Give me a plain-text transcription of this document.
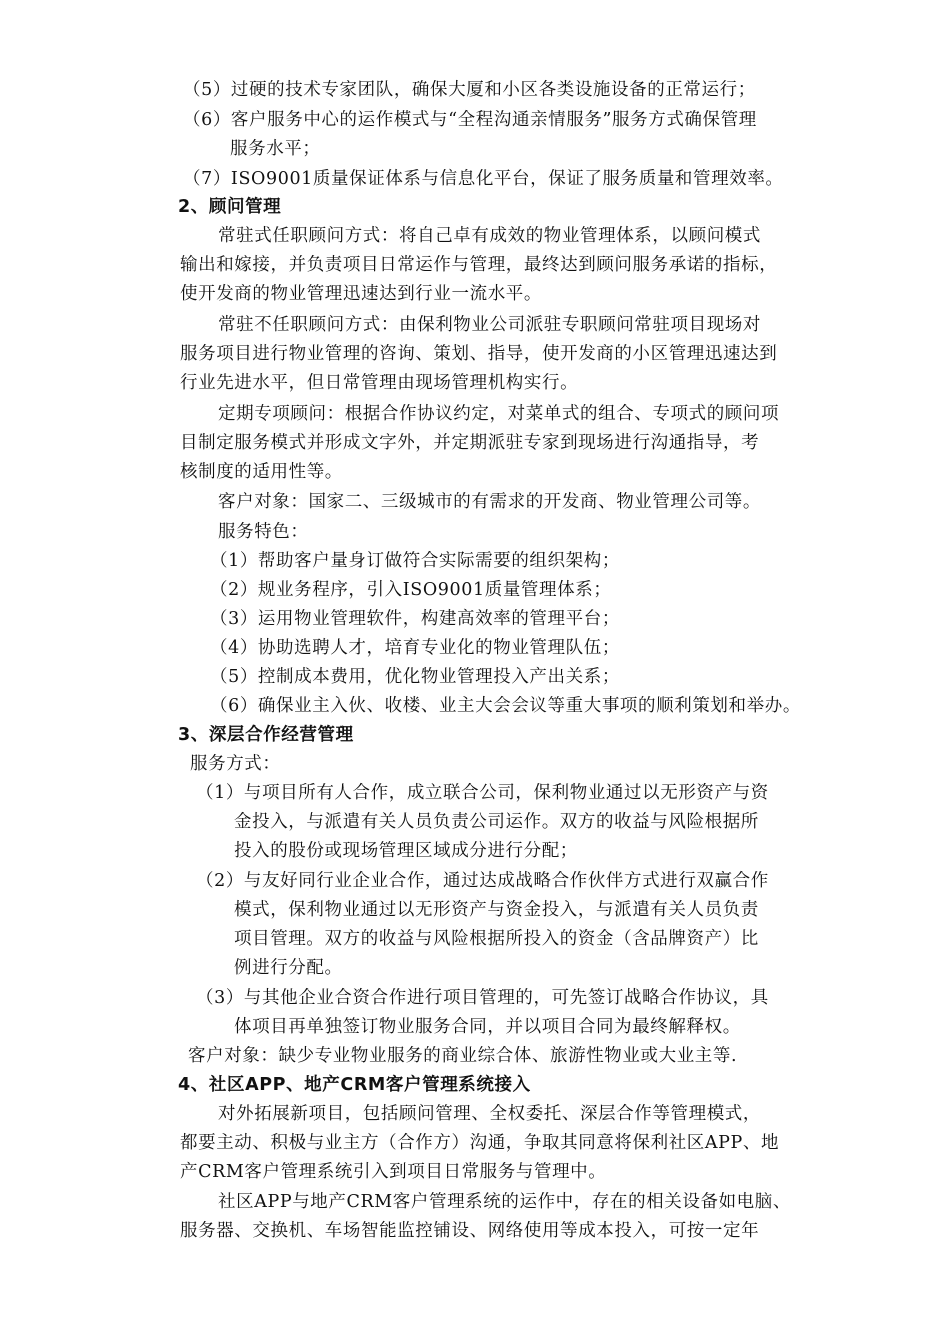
（5）过硬的技术专家团队，确保大厦和小区各类设施设备的正常运行；
（6）客户服务中心的运作模式与“全程沟通亲情服务”服务方式确保管理
服务水平；
（7）ISO9001质量保证体系与信息化平台，保证了服务质量和管理效率。
2、顾问管理
常驻式任职顾问方式：将自己卓有成效的物业管理体系，以顾问模式
输出和嫁接，并负责项目日常运作与管理，最终达到顾问服务承诺的指标，
使开发商的物业管理迅速达到行业一流水平。
常驻不任职顾问方式：由保利物业公司派驻专职顾问常驻项目现场对
服务项目进行物业管理的咨询、策划、指导，使开发商的小区管理迅速达到
行业先进水平，但日常管理由现场管理机构实行。
定期专项顾问：根据合作协议约定，对菜单式的组合、专项式的顾问项
目制定服务模式并形成文字外，并定期派驻专家到现场进行沟通指导，考
核制度的适用性等。
客户对象：国家二、三级城市的有需求的开发商、物业管理公司等。
服务特色：
（1）帮助客户量身订做符合实际需要的组织架构；
（2）规业务程序，引入ISO9001质量管理体系；
（3）运用物业管理软件，构建高效率的管理平台；
（4）协助选聘人才，培育专业化的物业管理队伍；
（5）控制成本费用，优化物业管理投入产出关系；
（6）确保业主入伙、收楼、业主大会会议等重大事项的顺利策划和举办。
3、深层合作经营管理
服务方式：
（1）与项目所有人合作，成立联合公司，保利物业通过以无形资产与资
金投入，与派遣有关人员负责公司运作。双方的收益与风险根据所
投入的股份或现场管理区域成分进行分配；
（2）与友好同行业企业合作，通过达成战略合作伙伴方式进行双赢合作
模式，保利物业通过以无形资产与资金投入，与派遣有关人员负责
项目管理。双方的收益与风险根据所投入的资金（含品牌资产）比
例进行分配。
（3）与其他企业合资合作进行项目管理的，可先签订战略合作协议，具
体项目再单独签订物业服务合同，并以项目合同为最终解释权。
客户对象：缺少专业物业服务的商业综合体、旅游性物业或大业主等.
4、社区APP、地产CRM客户管理系统接入
对外拓展新项目，包括顾问管理、全权委托、深层合作等管理模式，
都要主动、积极与业主方（合作方）沟通，争取其同意将保利社区APP、地
产CRM客户管理系统引入到项目日常服务与管理中。
社区APP与地产CRM客户管理系统的运作中，存在的相关设备如电脑、
服务器、交换机、车场智能监控铺设、网络使用等成本投入，可按一定年
